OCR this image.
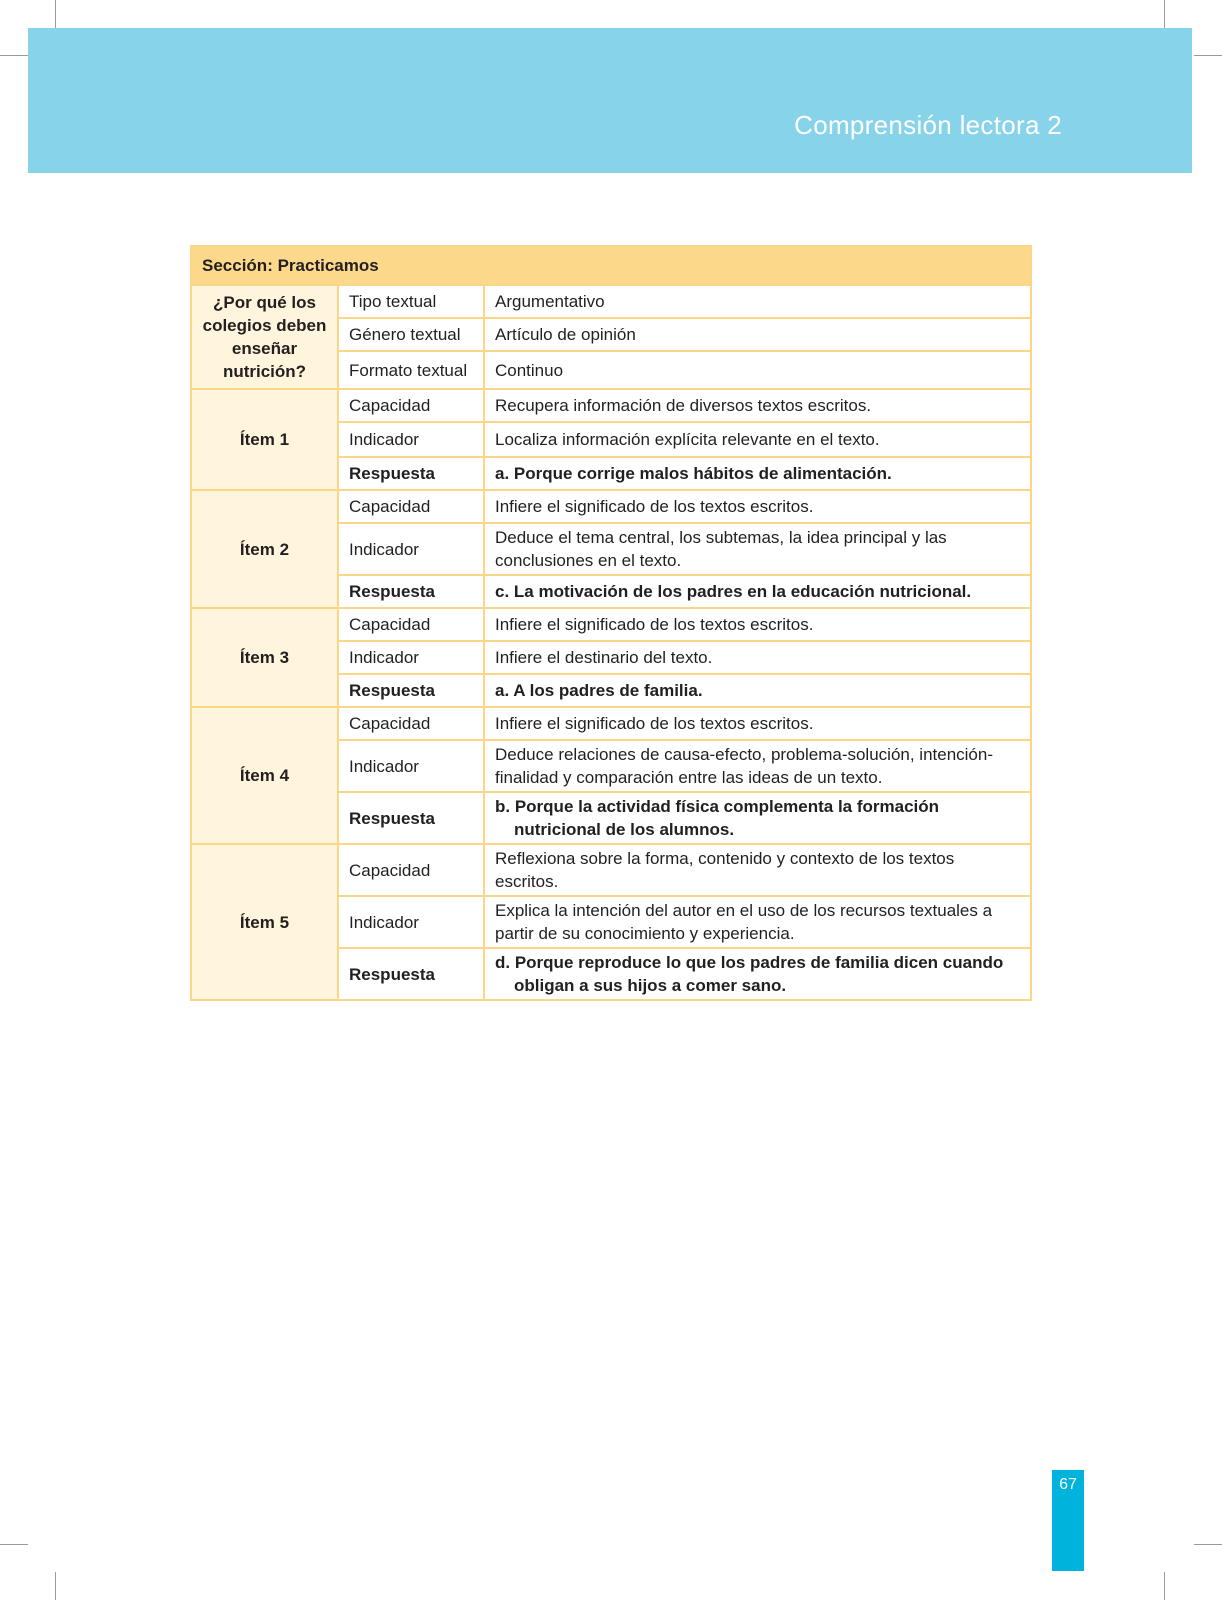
Comprensión lectora 2
Sección: Practicamos		
¿Por qué los colegios deben enseñar nutrición?	Tipo textual	Argumentativo
	Género textual	Artículo de opinión
	Formato textual	Continuo
Ítem 1	Capacidad	Recupera información de diversos textos escritos.
	Indicador	Localiza información explícita relevante en el texto.
	Respuesta	a. Porque corrige malos hábitos de alimentación.
Ítem 2	Capacidad	Infiere el significado de los textos escritos.
	Indicador	Deduce el tema central, los subtemas, la idea principal y las conclusiones en el texto.
	Respuesta	c. La motivación de los padres en la educación nutricional.
Ítem 3	Capacidad	Infiere el significado de los textos escritos.
	Indicador	Infiere el destinario del texto.
	Respuesta	a. A los padres de familia.
Ítem 4	Capacidad	Infiere el significado de los textos escritos.
	Indicador	Deduce relaciones de causa-efecto, problema-solución, intención-finalidad y comparación entre las ideas de un texto.
	Respuesta	b. Porque la actividad física complementa la formación nutricional de los alumnos.

Ítem 5	Capacidad	Reflexiona sobre la forma, contenido y contexto de los textos escritos.
	Indicador	Explica la intención del autor en el uso de los recursos textuales a partir de su conocimiento y experiencia.
	Respuesta	d. Porque reproduce lo que los padres de familia dicen cuando obligan a sus hijos a comer sano.
67
